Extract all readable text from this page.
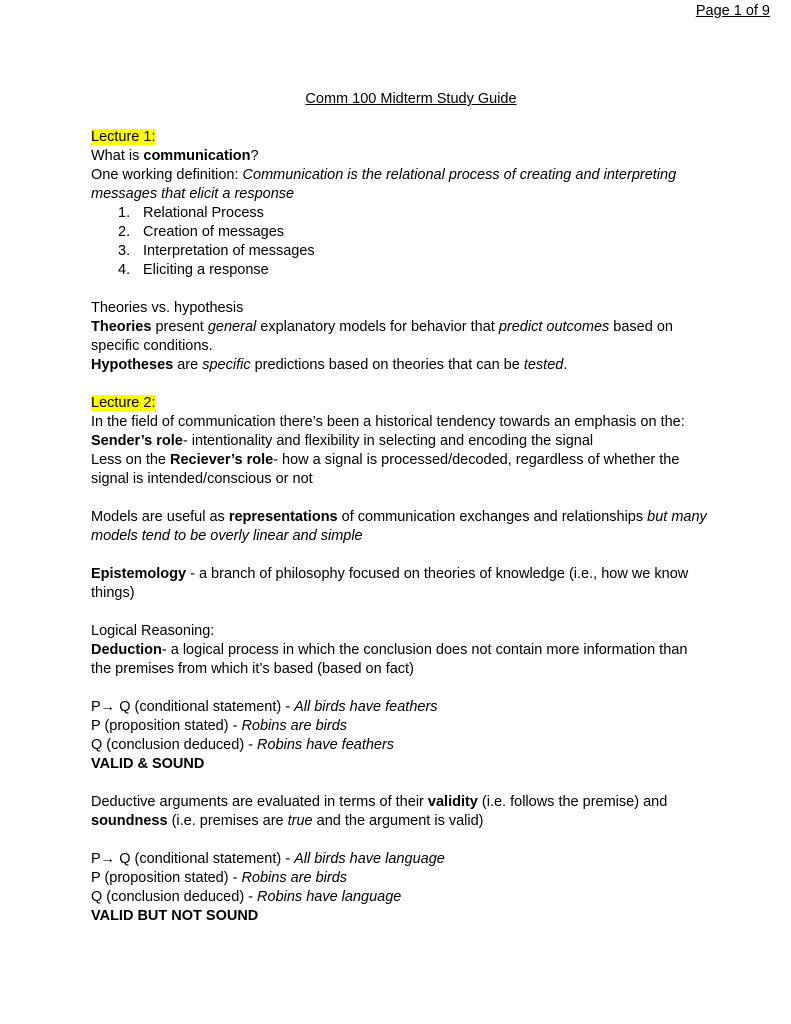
Page 1 of 9
Comm 100 Midterm Study Guide
Lecture 1:
What is communication?
One working definition: Communication is the relational process of creating and interpreting
messages that elicit a response
1. Relational Process
2. Creation of messages
3. Interpretation of messages
4. Eliciting a response
Theories vs. hypothesis
Theories present general explanatory models for behavior that predict outcomes based on
specific conditions.
Hypotheses are specific predictions based on theories that can be tested.
Lecture 2:
In the field of communication there’s been a historical tendency towards an emphasis on the:
Sender’s role- intentionality and flexibility in selecting and encoding the signal
Less on the Reciever’s role- how a signal is processed/decoded, regardless of whether the
signal is intended/conscious or not
Models are useful as representations of communication exchanges and relationships but many
models tend to be overly linear and simple
Epistemology - a branch of philosophy focused on theories of knowledge (i.e., how we know
things)
Logical Reasoning:
Deduction- a logical process in which the conclusion does not contain more information than
the premises from which it’s based (based on fact)
P→ Q (conditional statement) - All birds have feathers
P (proposition stated) - Robins are birds
Q (conclusion deduced) - Robins have feathers
VALID & SOUND
Deductive arguments are evaluated in terms of their validity (i.e. follows the premise) and
soundness (i.e. premises are true and the argument is valid)
P→ Q (conditional statement) - All birds have language
P (proposition stated) - Robins are birds
Q (conclusion deduced) - Robins have language
VALID BUT NOT SOUND
